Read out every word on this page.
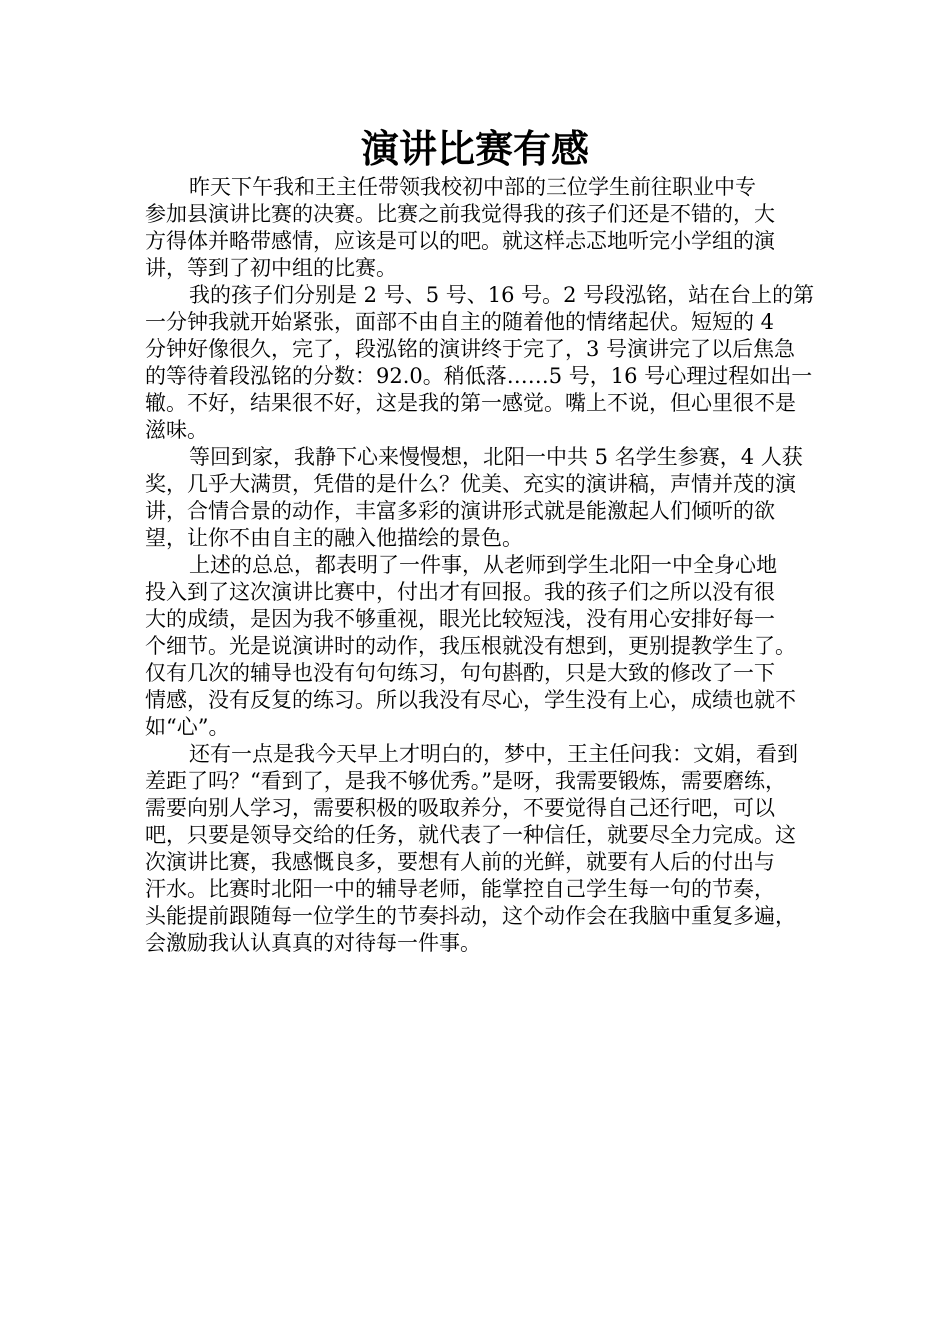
演讲比赛有感
昨天下午我和王主任带领我校初中部的三位学生前往职业中专
参加县演讲比赛的决赛。比赛之前我觉得我的孩子们还是不错的，大
方得体并略带感情，应该是可以的吧。就这样忐忑地听完小学组的演
讲，等到了初中组的比赛。
我的孩子们分别是 2 号、5 号、16 号。2 号段泓铭，站在台上的第
一分钟我就开始紧张，面部不由自主的随着他的情绪起伏。短短的 4
分钟好像很久，完了，段泓铭的演讲终于完了，3 号演讲完了以后焦急
的等待着段泓铭的分数：92.0。稍低落……5 号，16 号心理过程如出一
辙。不好，结果很不好，这是我的第一感觉。嘴上不说，但心里很不是
滋味。
等回到家，我静下心来慢慢想，北阳一中共 5 名学生参赛，4 人获
奖，几乎大满贯，凭借的是什么？优美、充实的演讲稿，声情并茂的演
讲，合情合景的动作，丰富多彩的演讲形式就是能激起人们倾听的欲
望，让你不由自主的融入他描绘的景色。
上述的总总，都表明了一件事，从老师到学生北阳一中全身心地
投入到了这次演讲比赛中，付出才有回报。我的孩子们之所以没有很
大的成绩，是因为我不够重视，眼光比较短浅，没有用心安排好每一
个细节。光是说演讲时的动作，我压根就没有想到，更别提教学生了。
仅有几次的辅导也没有句句练习，句句斟酌，只是大致的修改了一下
情感，没有反复的练习。所以我没有尽心，学生没有上心，成绩也就不
如“心”。
还有一点是我今天早上才明白的，梦中，王主任问我：文娟，看到
差距了吗？“看到了，是我不够优秀。”是呀，我需要锻炼，需要磨练，
需要向别人学习，需要积极的吸取养分，不要觉得自己还行吧，可以
吧，只要是领导交给的任务，就代表了一种信任，就要尽全力完成。这
次演讲比赛，我感慨良多，要想有人前的光鲜，就要有人后的付出与
汗水。比赛时北阳一中的辅导老师，能掌控自己学生每一句的节奏，
头能提前跟随每一位学生的节奏抖动，这个动作会在我脑中重复多遍，
会激励我认认真真的对待每一件事。
